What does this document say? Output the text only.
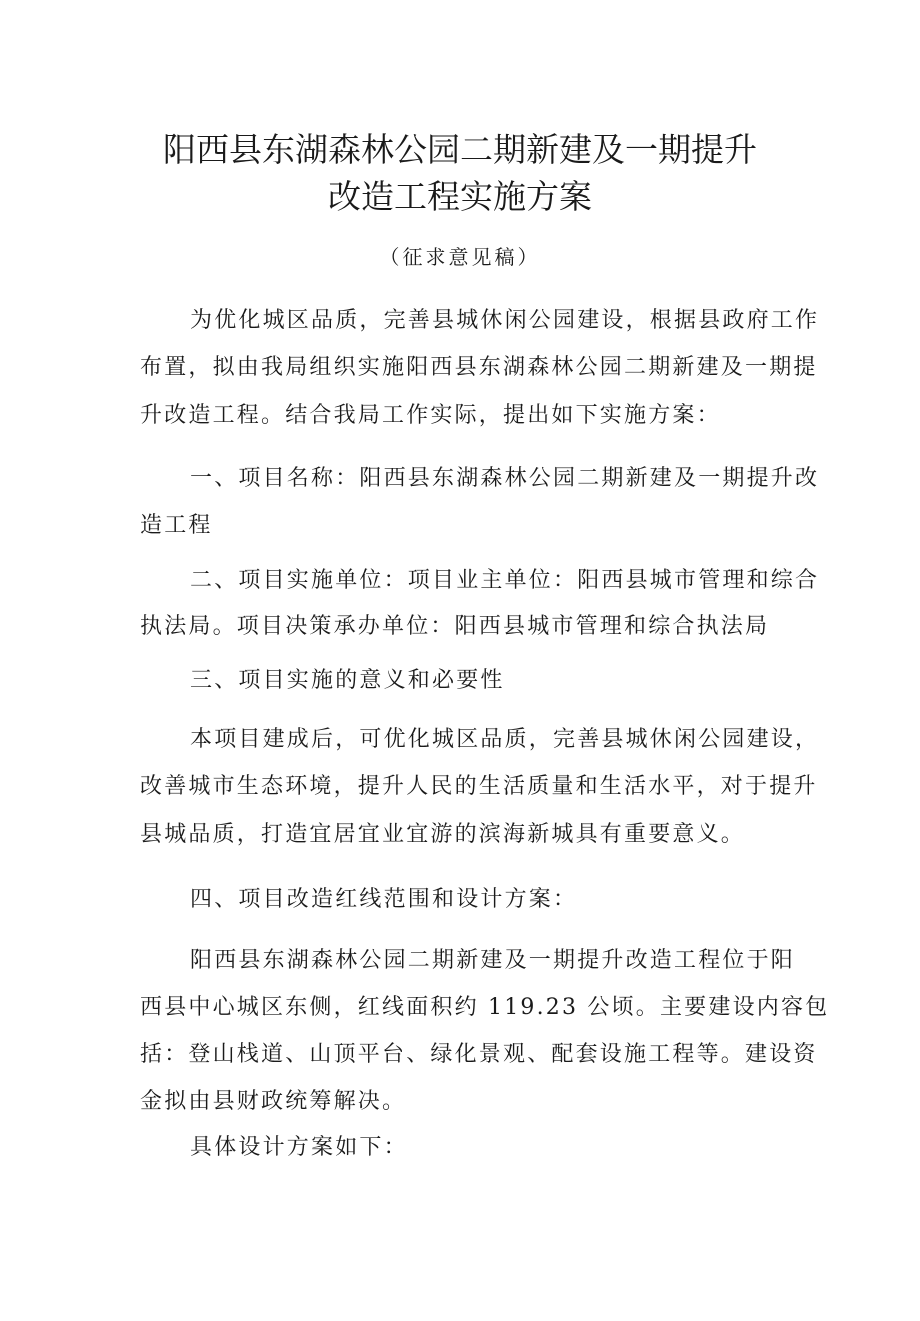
阳西县东湖森林公园二期新建及一期提升
改造工程实施方案
（征求意见稿）
为优化城区品质，完善县城休闲公园建设，根据县政府工作
布置，拟由我局组织实施阳西县东湖森林公园二期新建及一期提
升改造工程。结合我局工作实际，提出如下实施方案：
一、项目名称：阳西县东湖森林公园二期新建及一期提升改
造工程
二、项目实施单位：项目业主单位：阳西县城市管理和综合
执法局。项目决策承办单位：阳西县城市管理和综合执法局
三、项目实施的意义和必要性
本项目建成后，可优化城区品质，完善县城休闲公园建设，
改善城市生态环境，提升人民的生活质量和生活水平，对于提升
县城品质，打造宜居宜业宜游的滨海新城具有重要意义。
四、项目改造红线范围和设计方案：
阳西县东湖森林公园二期新建及一期提升改造工程位于阳
西县中心城区东侧，红线面积约 119.23 公顷。主要建设内容包
括：登山栈道、山顶平台、绿化景观、配套设施工程等。建设资
金拟由县财政统筹解决。
具体设计方案如下：
